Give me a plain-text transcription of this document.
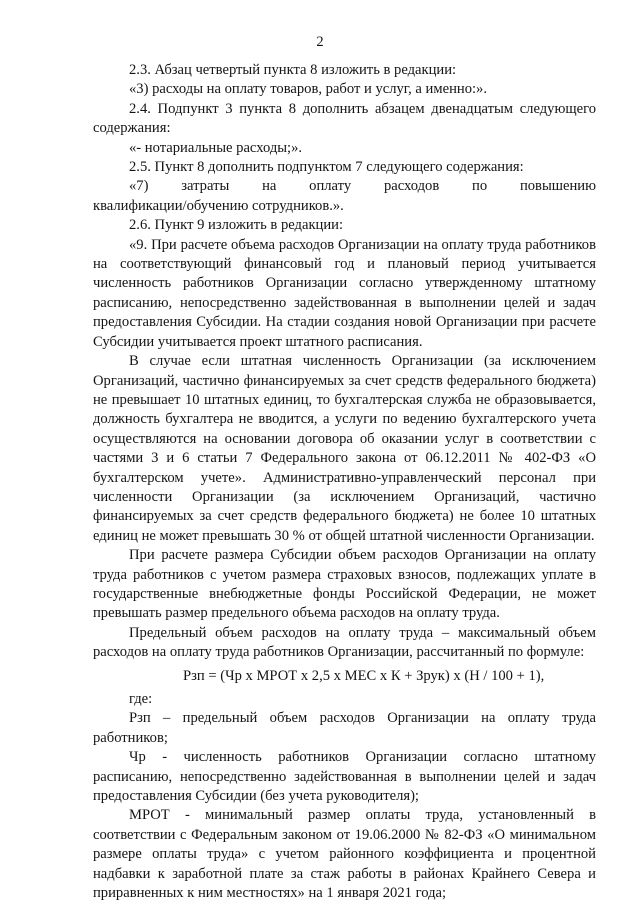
2

2.3. Абзац четвертый пункта 8 изложить в редакции:

«3) расходы на оплату товаров, работ и услуг, а именно:».

2.4. Подпункт 3 пункта 8 дополнить абзацем двенадцатым следующего содержания:

«- нотариальные расходы;».

2.5. Пункт 8 дополнить подпунктом 7 следующего содержания:

«7) затраты на оплату расходов по повышению
квалификации/обучению сотрудников.».

2.6. Пункт 9 изложить в редакции:

«9. При расчете объема расходов Организации на оплату труда работников на соответствующий финансовый год и плановый период учитывается численность работников Организации согласно утвержденному штатному расписанию, непосредственно задействованная в выполнении целей и задач предоставления Субсидии. На стадии создания новой Организации при расчете Субсидии учитывается проект штатного расписания.

В случае если штатная численность Организации (за исключением Организаций, частично финансируемых за счет средств федерального бюджета) не превышает 10 штатных единиц, то бухгалтерская служба не образовывается, должность бухгалтера не вводится, а услуги по ведению бухгалтерского учета осуществляются на основании договора об оказании услуг в соответствии с частями 3 и 6 статьи 7 Федерального закона от 06.12.2011 № 402-ФЗ «О бухгалтерском учете». Административно-управленческий персонал при численности Организации (за исключением Организаций, частично финансируемых за счет средств федерального бюджета) не более 10 штатных единиц не может превышать 30 % от общей штатной численности Организации.

При расчете размера Субсидии объем расходов Организации на оплату труда работников с учетом размера страховых взносов, подлежащих уплате в государственные внебюджетные фонды Российской Федерации, не может превышать размер предельного объема расходов на оплату труда.

Предельный объем расходов на оплату труда – максимальный объем расходов на оплату труда работников Организации, рассчитанный по формуле:

Рзп = (Чр х МРОТ х 2,5 х МЕС х К + Зрук) х (Н / 100 + 1),

где:

Рзп – предельный объем расходов Организации на оплату труда работников;

Чр - численность работников Организации согласно штатному расписанию, непосредственно задействованная в выполнении целей и задач предоставления Субсидии (без учета руководителя);

МРОТ - минимальный размер оплаты труда, установленный в соответствии с Федеральным законом от 19.06.2000 № 82-ФЗ «О минимальном размере оплаты труда» с учетом районного коэффициента и процентной надбавки к заработной плате за стаж работы в районах Крайнего Севера и приравненных к ним местностях» на 1 января 2021 года;
